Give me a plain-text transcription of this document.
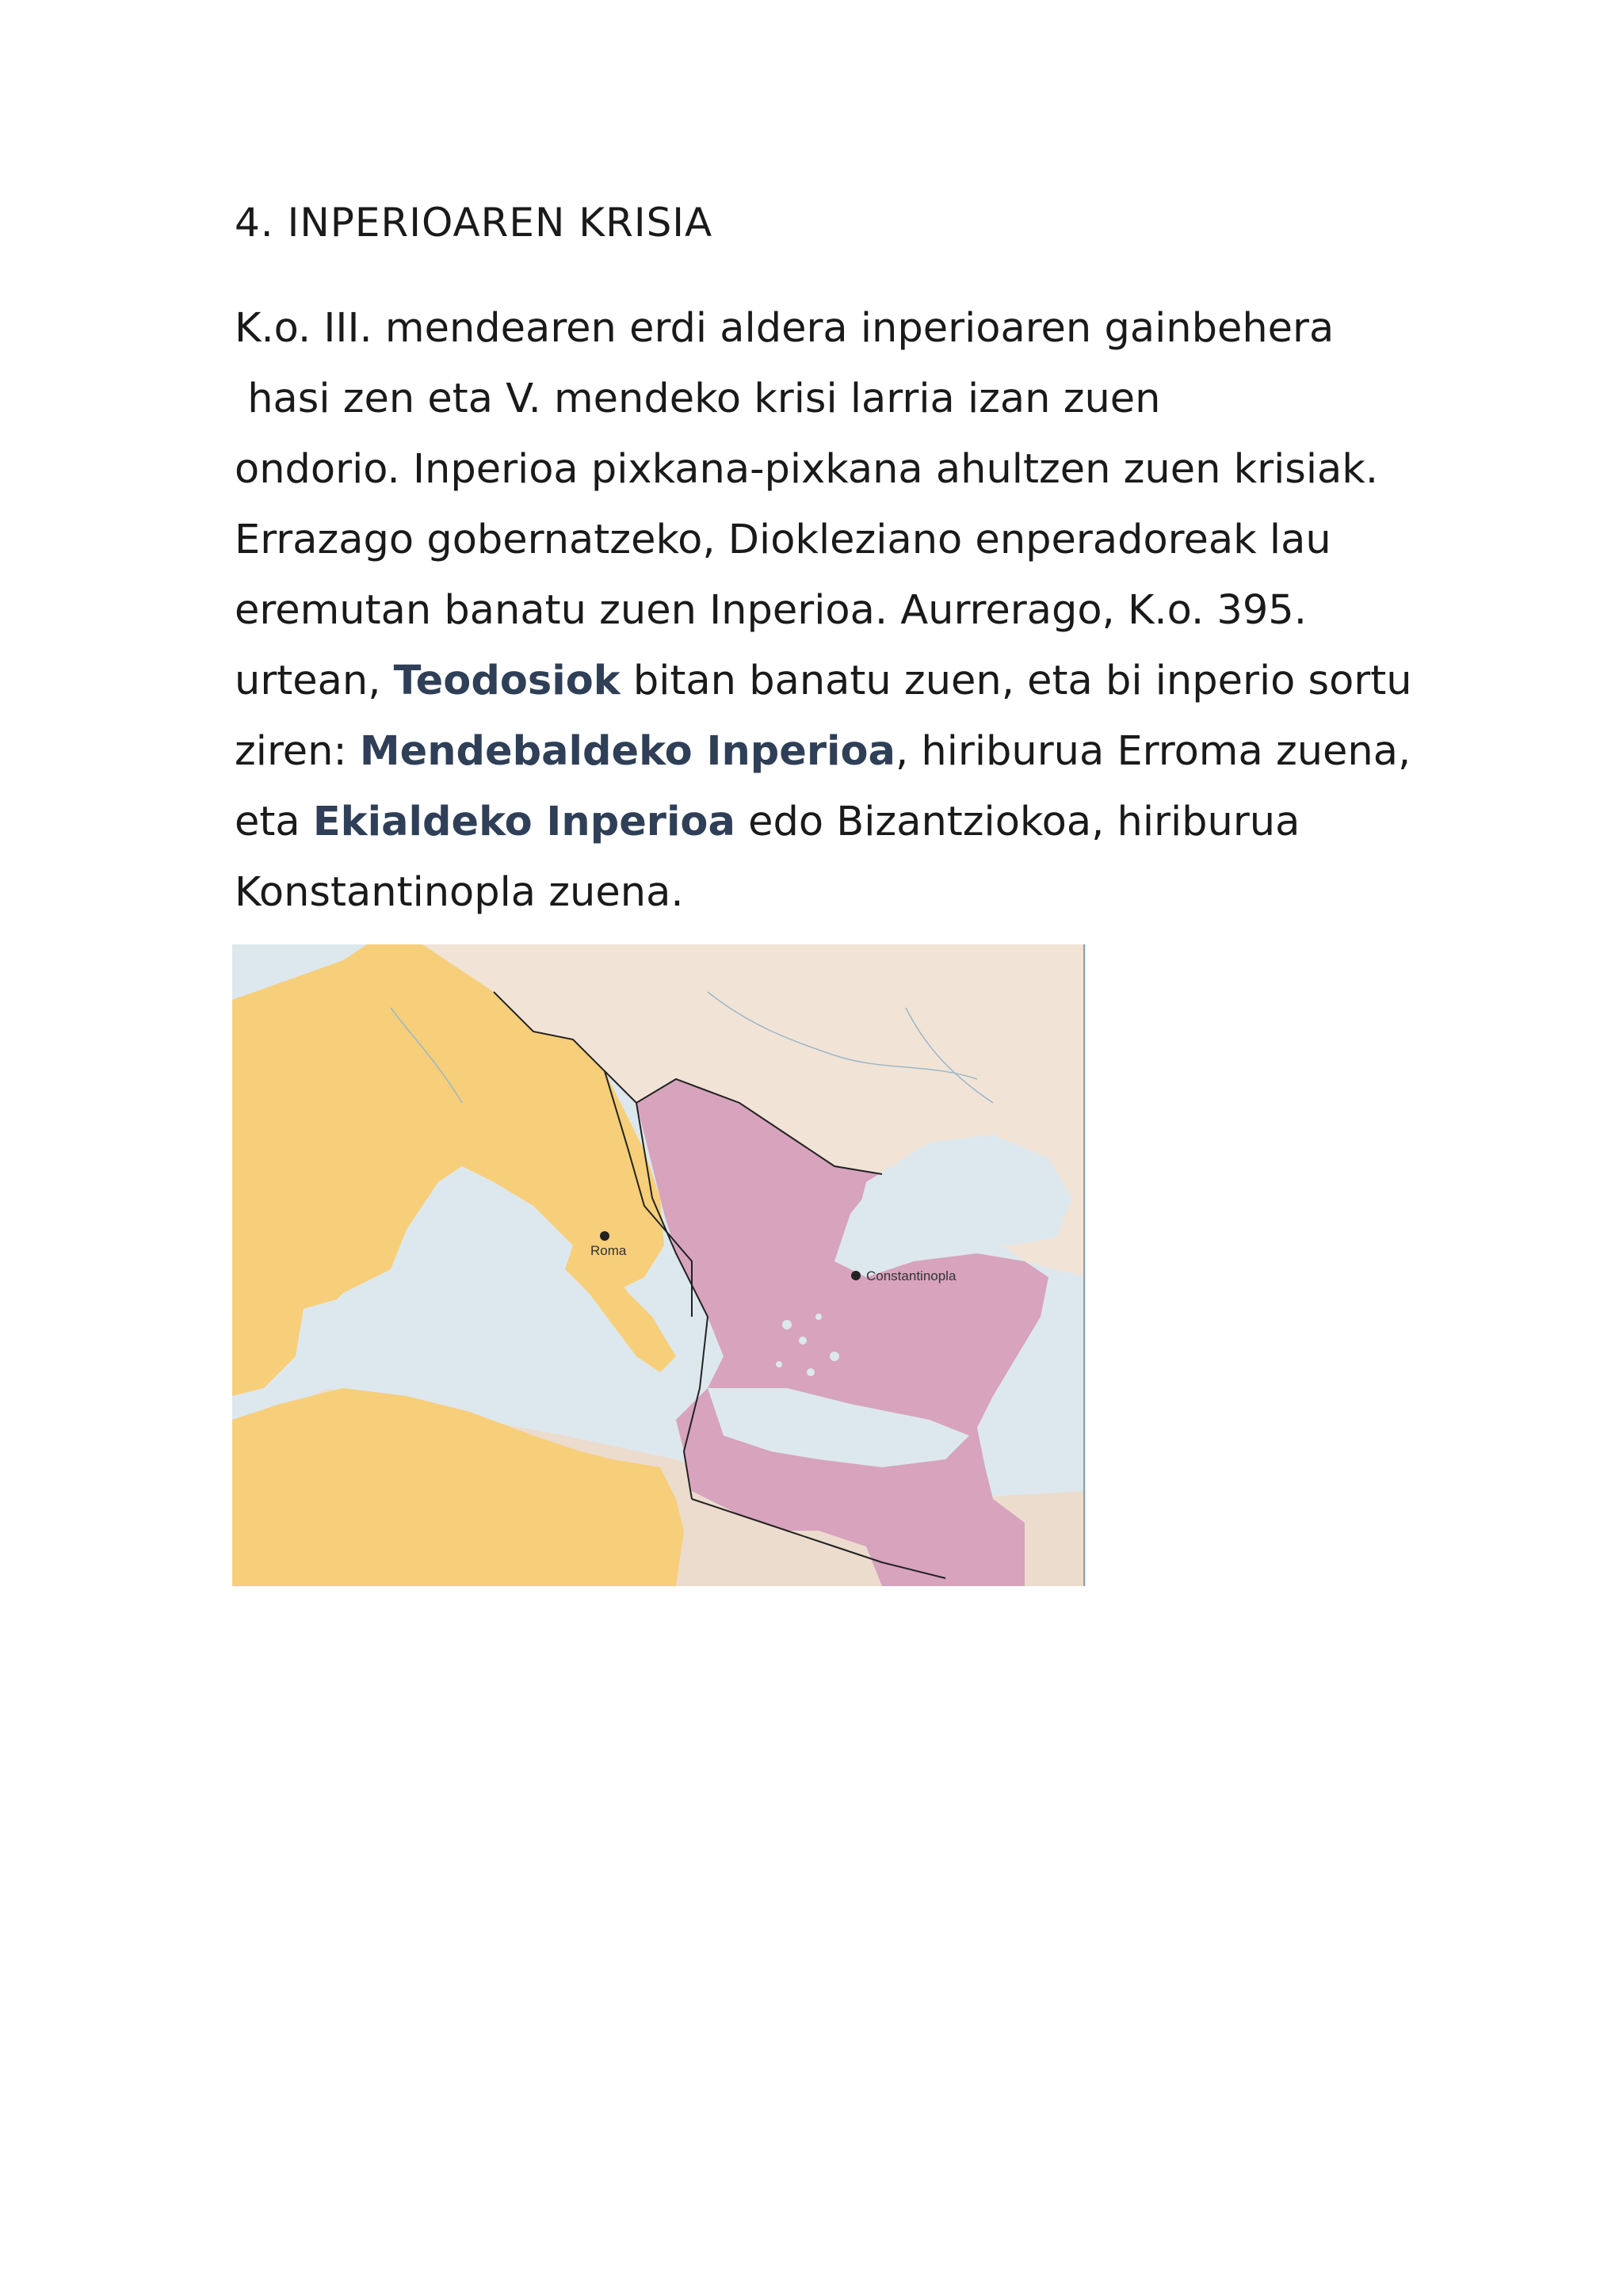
4. INPERIOAREN KRISIA
K.o. III. mendearen erdi aldera inperioaren gainbehera
hasi zen eta V. mendeko krisi larria izan zuen
ondorio. Inperioa pixkana-pixkana ahultzen zuen krisiak.
Errazago gobernatzeko, Diokleziano enperadoreak lau
eremutan banatu zuen Inperioa. Aurrerago, K.o. 395.
urtean, Teodosiok bitan banatu zuen, eta bi inperio sortu
ziren: Mendebaldeko Inperioa, hiriburua Erroma zuena,
eta Ekialdeko Inperioa edo Bizantziokoa, hiriburua
Konstantinopla zuena.
Roma
Constantinopla
